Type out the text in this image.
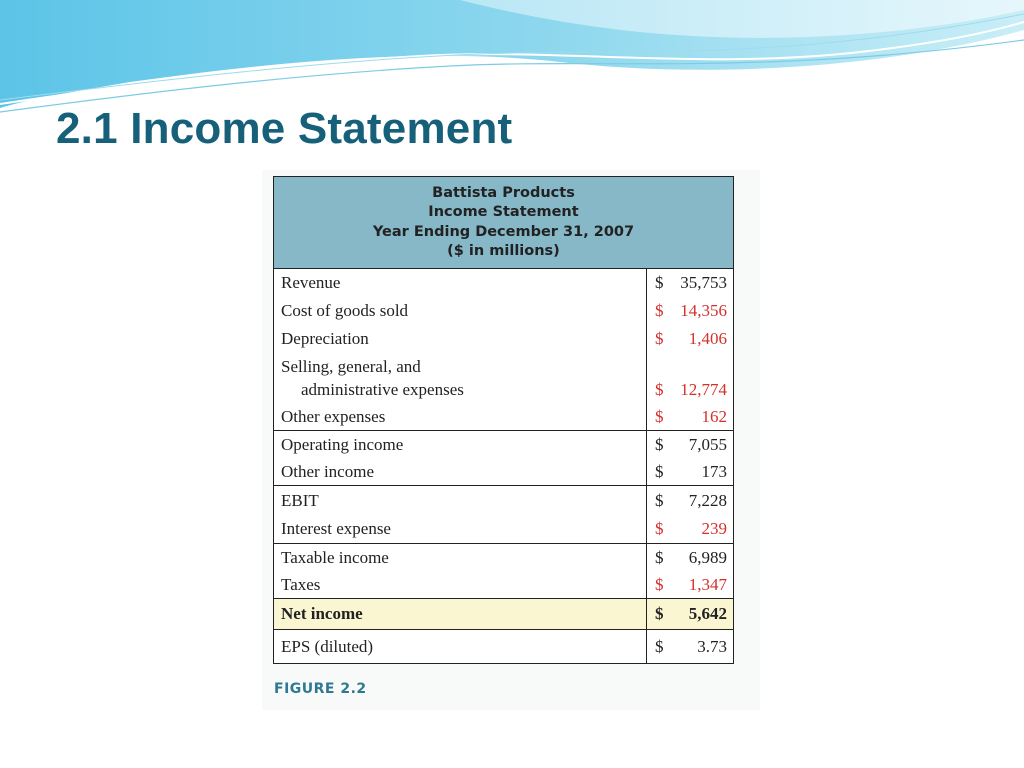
2.1 Income Statement
Battista Products
Income Statement
Year Ending December 31, 2007
($ in millions)
Revenue	$ 35,753
Cost of goods sold	$ 14,356
Depreciation	$ 1,406
Selling, general, and
administrative expenses	$ 12,774
Other expenses	$ 162
Operating income	$ 7,055
Other income	$ 173
EBIT	$ 7,228
Interest expense	$ 239
Taxable income	$ 6,989
Taxes	$ 1,347
Net income	$ 5,642
EPS (diluted)	$ 3.73
FIGURE 2.2
